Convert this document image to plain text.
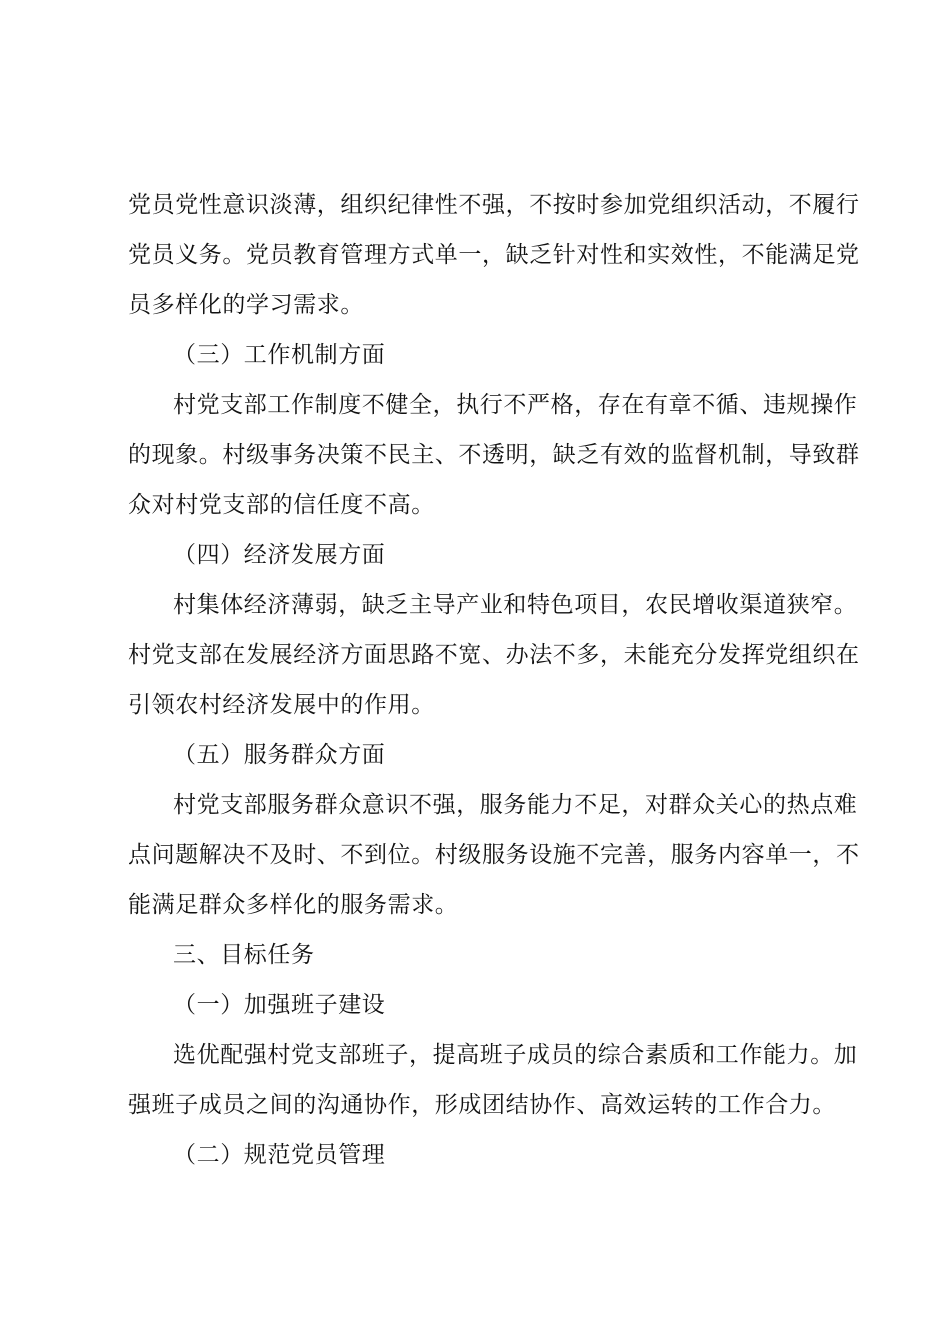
党员党性意识淡薄，组织纪律性不强，不按时参加党组织活动，不履行
党员义务。党员教育管理方式单一，缺乏针对性和实效性，不能满足党
员多样化的学习需求。
（三）工作机制方面
村党支部工作制度不健全，执行不严格，存在有章不循、违规操作
的现象。村级事务决策不民主、不透明，缺乏有效的监督机制，导致群
众对村党支部的信任度不高。
（四）经济发展方面
村集体经济薄弱，缺乏主导产业和特色项目，农民增收渠道狭窄。
村党支部在发展经济方面思路不宽、办法不多，未能充分发挥党组织在
引领农村经济发展中的作用。
（五）服务群众方面
村党支部服务群众意识不强，服务能力不足，对群众关心的热点难
点问题解决不及时、不到位。村级服务设施不完善，服务内容单一，不
能满足群众多样化的服务需求。
三、目标任务
（一）加强班子建设
选优配强村党支部班子，提高班子成员的综合素质和工作能力。加
强班子成员之间的沟通协作，形成团结协作、高效运转的工作合力。
（二）规范党员管理
